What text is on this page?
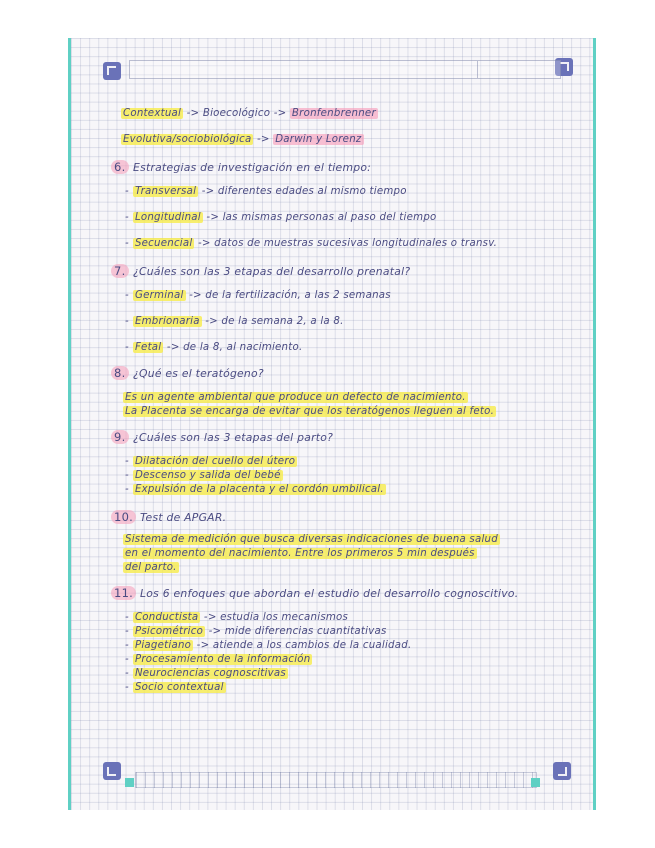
Contextual -> Bioecológico -> Bronfenbrenner
Evolutiva/sociobiológica -> Darwin y Lorenz
6. Estrategias de investigación en el tiempo:
- Transversal -> diferentes edades al mismo tiempo
- Longitudinal -> las mismas personas al paso del tiempo
- Secuencial -> datos de muestras sucesivas longitudinales o transv.
7. ¿Cuáles son las 3 etapas del desarrollo prenatal?
- Germinal -> de la fertilización, a las 2 semanas
- Embrionaria -> de la semana 2, a la 8.
- Fetal -> de la 8, al nacimiento.
8. ¿Qué es el teratógeno?
Es un agente ambiental que produce un defecto de nacimiento.
La Placenta se encarga de evitar que los teratógenos lleguen al feto.
9. ¿Cuáles son las 3 etapas del parto?
- Dilatación del cuello del útero
- Descenso y salida del bebé
- Expulsión de la placenta y el cordón umbilical.
10. Test de APGAR.
Sistema de medición que busca diversas indicaciones de buena salud
en el momento del nacimiento. Entre los primeros 5 min después
del parto.
11. Los 6 enfoques que abordan el estudio del desarrollo cognoscitivo.
- Conductista -> estudia los mecanismos
- Psicométrico -> mide diferencias cuantitativas
- Piagetiano -> atiende a los cambios de la cualidad.
- Procesamiento de la información
- Neurociencias cognoscitivas
- Socio contextual
